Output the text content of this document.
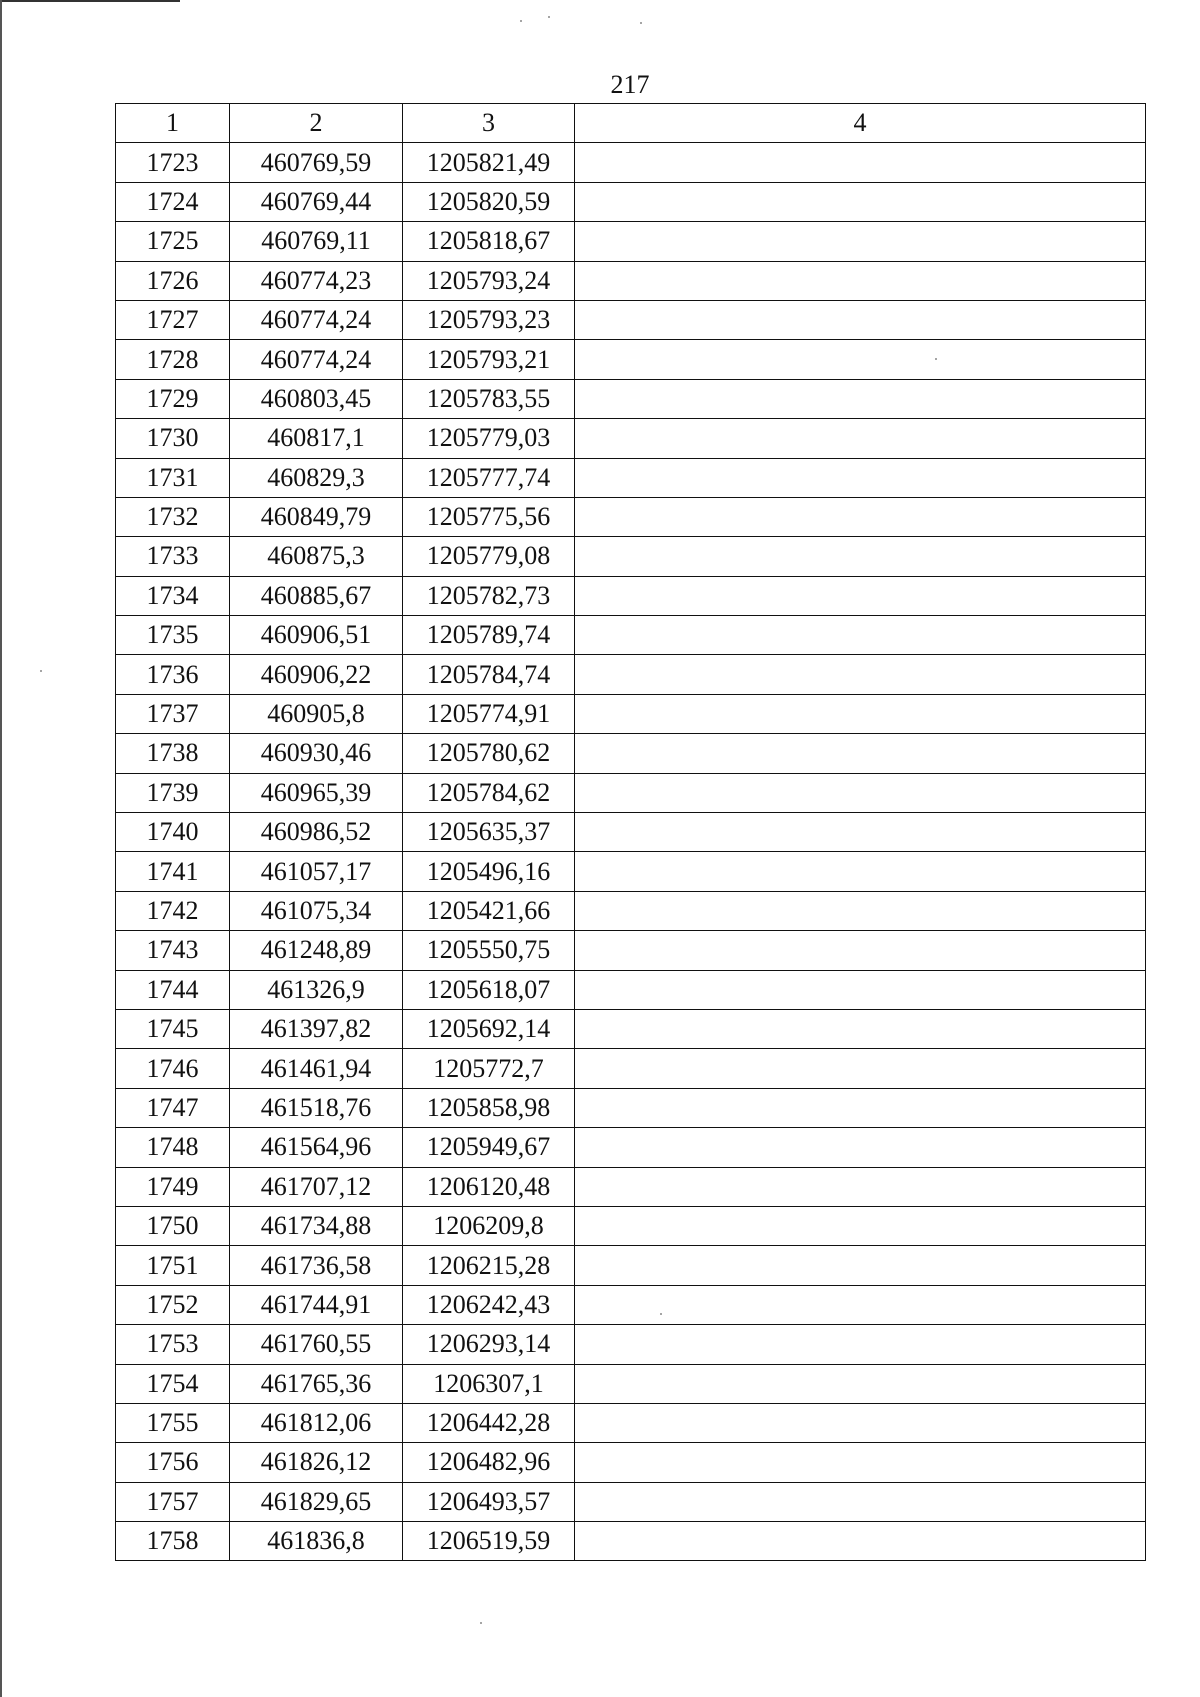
217
1	2	3	4
1723	460769,59	1205821,49	
1724	460769,44	1205820,59	
1725	460769,11	1205818,67	
1726	460774,23	1205793,24	
1727	460774,24	1205793,23	
1728	460774,24	1205793,21	
1729	460803,45	1205783,55	
1730	460817,1	1205779,03	
1731	460829,3	1205777,74	
1732	460849,79	1205775,56	
1733	460875,3	1205779,08	
1734	460885,67	1205782,73	
1735	460906,51	1205789,74	
1736	460906,22	1205784,74	
1737	460905,8	1205774,91	
1738	460930,46	1205780,62	
1739	460965,39	1205784,62	
1740	460986,52	1205635,37	
1741	461057,17	1205496,16	
1742	461075,34	1205421,66	
1743	461248,89	1205550,75	
1744	461326,9	1205618,07	
1745	461397,82	1205692,14	
1746	461461,94	1205772,7	
1747	461518,76	1205858,98	
1748	461564,96	1205949,67	
1749	461707,12	1206120,48	
1750	461734,88	1206209,8	
1751	461736,58	1206215,28	
1752	461744,91	1206242,43	
1753	461760,55	1206293,14	
1754	461765,36	1206307,1	
1755	461812,06	1206442,28	
1756	461826,12	1206482,96	
1757	461829,65	1206493,57	
1758	461836,8	1206519,59	
